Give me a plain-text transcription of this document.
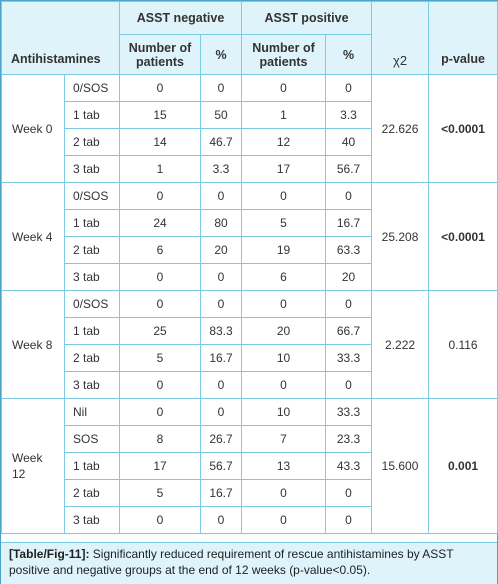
Antihistamines		ASST negative		ASST positive		χ2	p-value
		Number of patients	%	Number of patients	%		
Week 0	0/SOS	0	0	0	0	22.626	<0.0001
	1 tab	15	50	1	3.3		
	2 tab	14	46.7	12	40		
	3 tab	1	3.3	17	56.7		
Week 4	0/SOS	0	0	0	0	25.208	<0.0001
	1 tab	24	80	5	16.7		
	2 tab	6	20	19	63.3		
	3 tab	0	0	6	20		
Week 8	0/SOS	0	0	0	0	2.222	0.116
	1 tab	25	83.3	20	66.7		
	2 tab	5	16.7	10	33.3		
	3 tab	0	0	0	0		
Week 12	Nil	0	0	10	33.3	15.600	0.001
	SOS	8	26.7	7	23.3		
	1 tab	17	56.7	13	43.3		
	2 tab	5	16.7	0	0		
	3 tab	0	0	0	0		
[Table/Fig-11]: Significantly reduced requirement of rescue antihistamines by ASST positive and negative groups at the end of 12 weeks (p-value<0.05).
